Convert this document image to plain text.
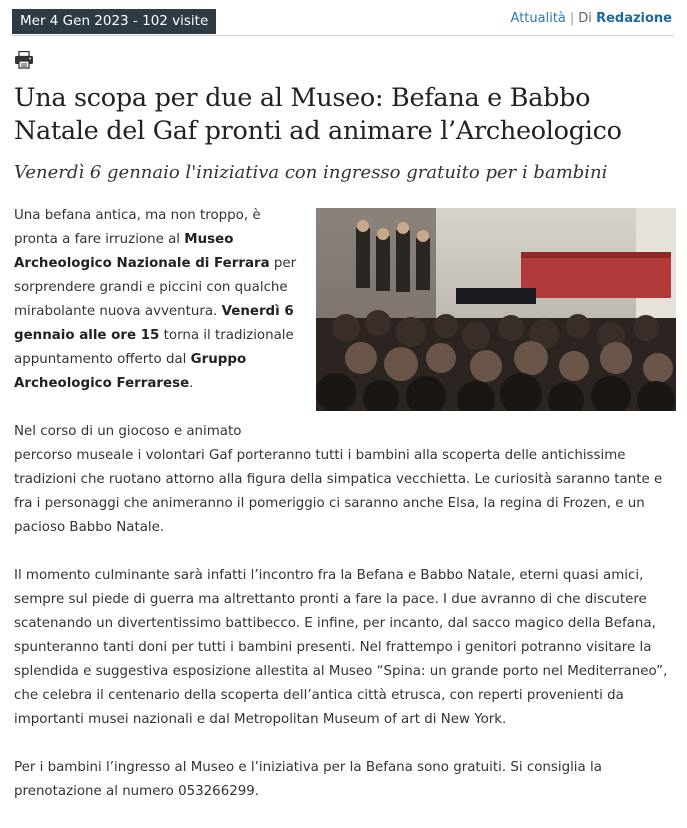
Mer 4 Gen 2023 - 102 visite	Attualità | Di Redazione
Una scopa per due al Museo: Befana e Babbo Natale del Gaf pronti ad animare l’Archeologico
Venerdì 6 gennaio l'iniziativa con ingresso gratuito per i bambini

Una befana antica, ma non troppo, è pronta a fare irruzione al Museo Archeologico Nazionale di Ferrara per sorprendere grandi e piccini con qualche mirabolante nuova avventura. Venerdì 6 gennaio alle ore 15 torna il tradizionale appuntamento offerto dal Gruppo Archeologico Ferrarese.

Nel corso di un giocoso e animato percorso museale i volontari Gaf porteranno tutti i bambini alla scoperta delle antichissime tradizioni che ruotano attorno alla figura della simpatica vecchietta. Le curiosità saranno tante e fra i personaggi che animeranno il pomeriggio ci saranno anche Elsa, la regina di Frozen, e un pacioso Babbo Natale.

Il momento culminante sarà infatti l’incontro fra la Befana e Babbo Natale, eterni quasi amici, sempre sul piede di guerra ma altrettanto pronti a fare la pace. I due avranno di che discutere scatenando un divertentissimo battibecco. E infine, per incanto, dal sacco magico della Befana, spunteranno tanti doni per tutti i bambini presenti. Nel frattempo i genitori potranno visitare la splendida e suggestiva esposizione allestita al Museo “Spina: un grande porto nel Mediterraneo”, che celebra il centenario della scoperta dell’antica città etrusca, con reperti provenienti da importanti musei nazionali e dal Metropolitan Museum of art di New York.

Per i bambini l’ingresso al Museo e l’iniziativa per la Befana sono gratuiti. Si consiglia la prenotazione al numero 053266299.
